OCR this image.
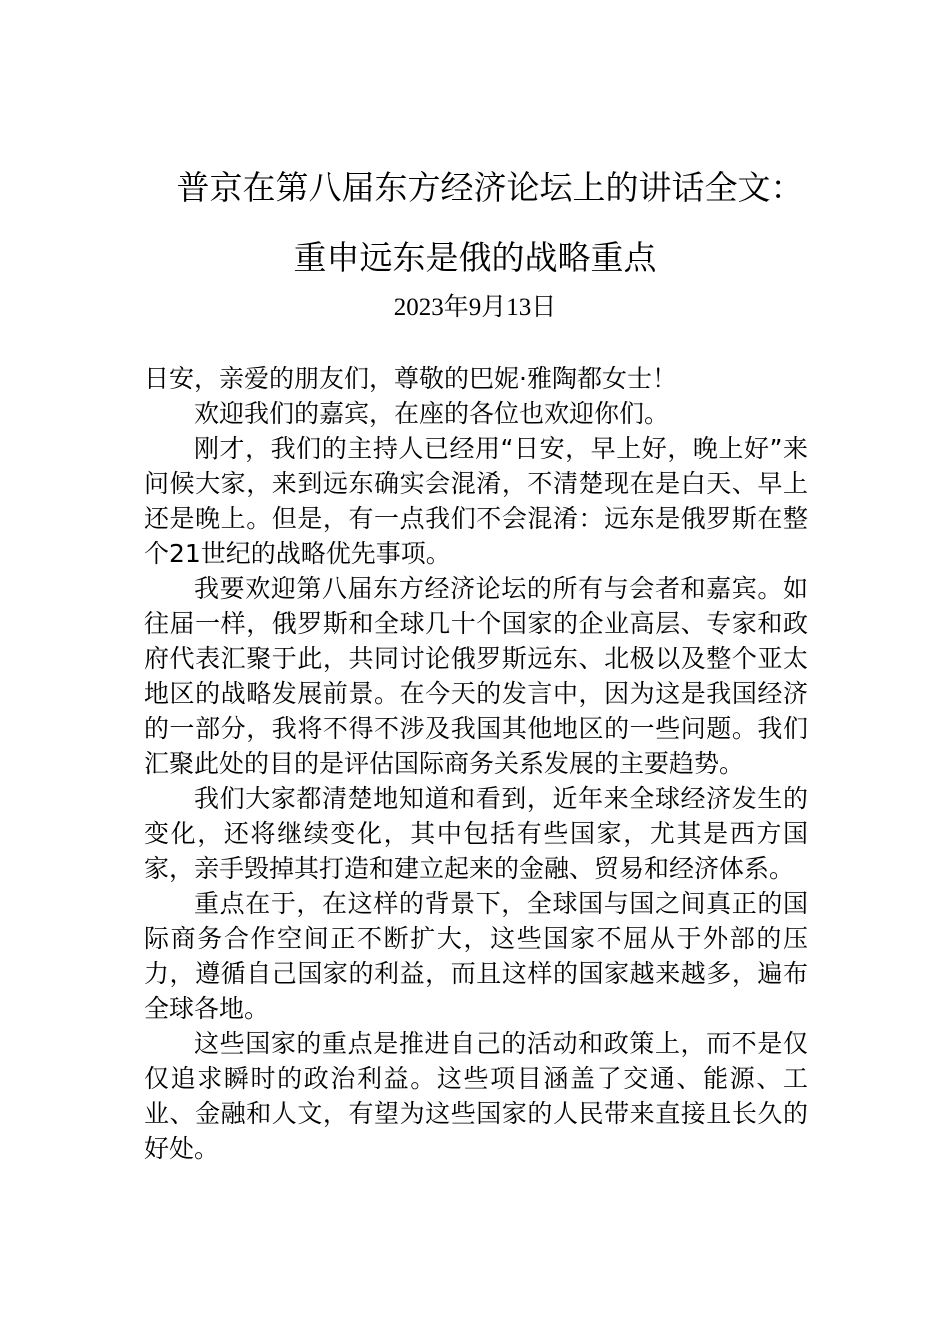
普京在第八届东方经济论坛上的讲话全文：
重申远东是俄的战略重点
2023年9月13日

日安，亲爱的朋友们，尊敬的巴妮·雅陶都女士！

欢迎我们的嘉宾，在座的各位也欢迎你们。

刚才，我们的主持人已经用“日安，早上好，晚上好”来问候大家，来到远东确实会混淆，不清楚现在是白天、早上还是晚上。但是，有一点我们不会混淆：远东是俄罗斯在整个21世纪的战略优先事项。

我要欢迎第八届东方经济论坛的所有与会者和嘉宾。如往届一样，俄罗斯和全球几十个国家的企业高层、专家和政府代表汇聚于此，共同讨论俄罗斯远东、北极以及整个亚太地区的战略发展前景。在今天的发言中，因为这是我国经济的一部分，我将不得不涉及我国其他地区的一些问题。我们汇聚此处的目的是评估国际商务关系发展的主要趋势。

我们大家都清楚地知道和看到，近年来全球经济发生的变化，还将继续变化，其中包括有些国家，尤其是西方国家，亲手毁掉其打造和建立起来的金融、贸易和经济体系。

重点在于，在这样的背景下，全球国与国之间真正的国际商务合作空间正不断扩大，这些国家不屈从于外部的压力，遵循自己国家的利益，而且这样的国家越来越多，遍布全球各地。

这些国家的重点是推进自己的活动和政策上，而不是仅仅追求瞬时的政治利益。这些项目涵盖了交通、能源、工业、金融和人文，有望为这些国家的人民带来直接且长久的好处。
